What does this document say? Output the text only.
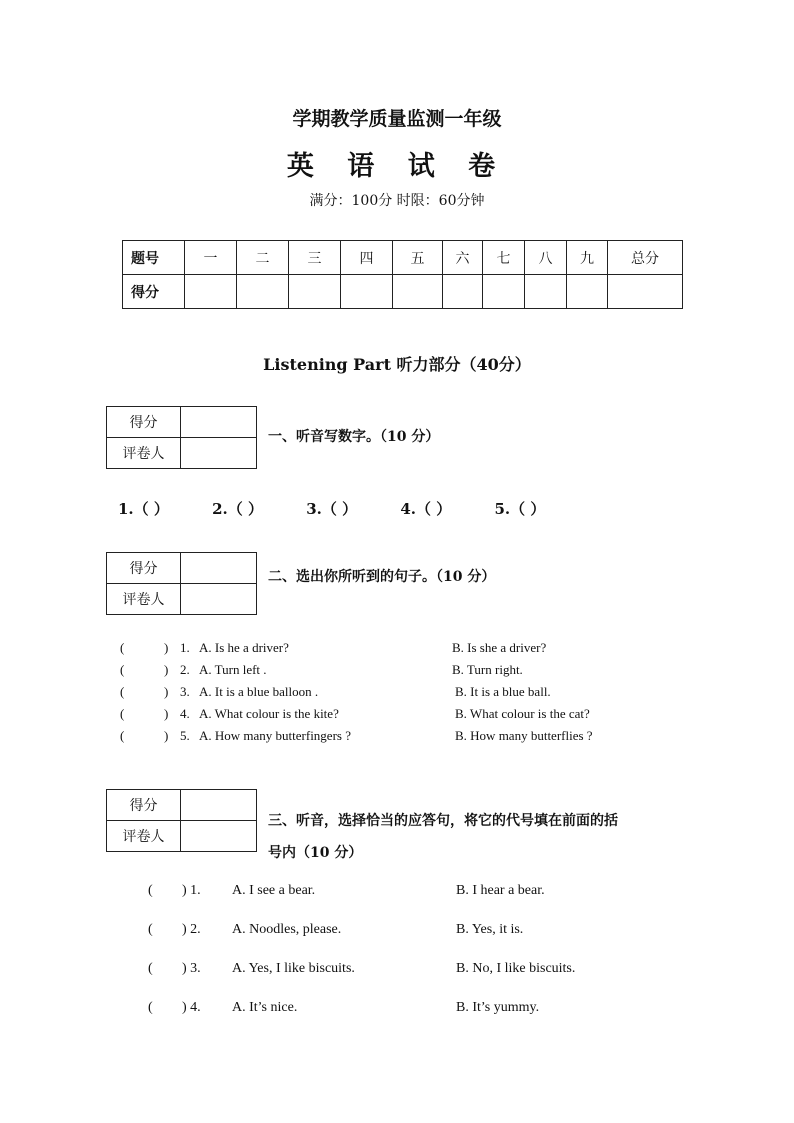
学期教学质量监测一年级
英 语 试 卷
满分：100分 时限：60分钟
题号	一	二	三	四	五	六	七	八	九	总分
得分										
Listening Part 听力部分（40分）
得分	
评卷人	
一、听音写数字。（10 分）
1.（ ）	2.（ ）	3.（ ）	4.（ ）	5.（ ）
得分	
评卷人	
二、选出你所听到的句子。（10 分）
(	) 1. A. Is he a driver?	B. Is she a driver?
(	) 2. A. Turn left .	B. Turn right.
(	) 3. A. It is a blue balloon .	B. It is a blue ball.
(	) 4. A. What colour is the kite?	B. What colour is the cat?
(	) 5. A. How many butterfingers ?	B. How many butterflies ?
得分	
评卷人	
三、听音，选择恰当的应答句，将它的代号填在前面的括
号内（10 分）
( ) 1. A. I see a bear.	B. I hear a bear.
( ) 2. A. Noodles, please.	B. Yes, it is.
( ) 3. A. Yes, I like biscuits.	B. No, I like biscuits.
( ) 4. A. It’s nice.	B. It’s yummy.
